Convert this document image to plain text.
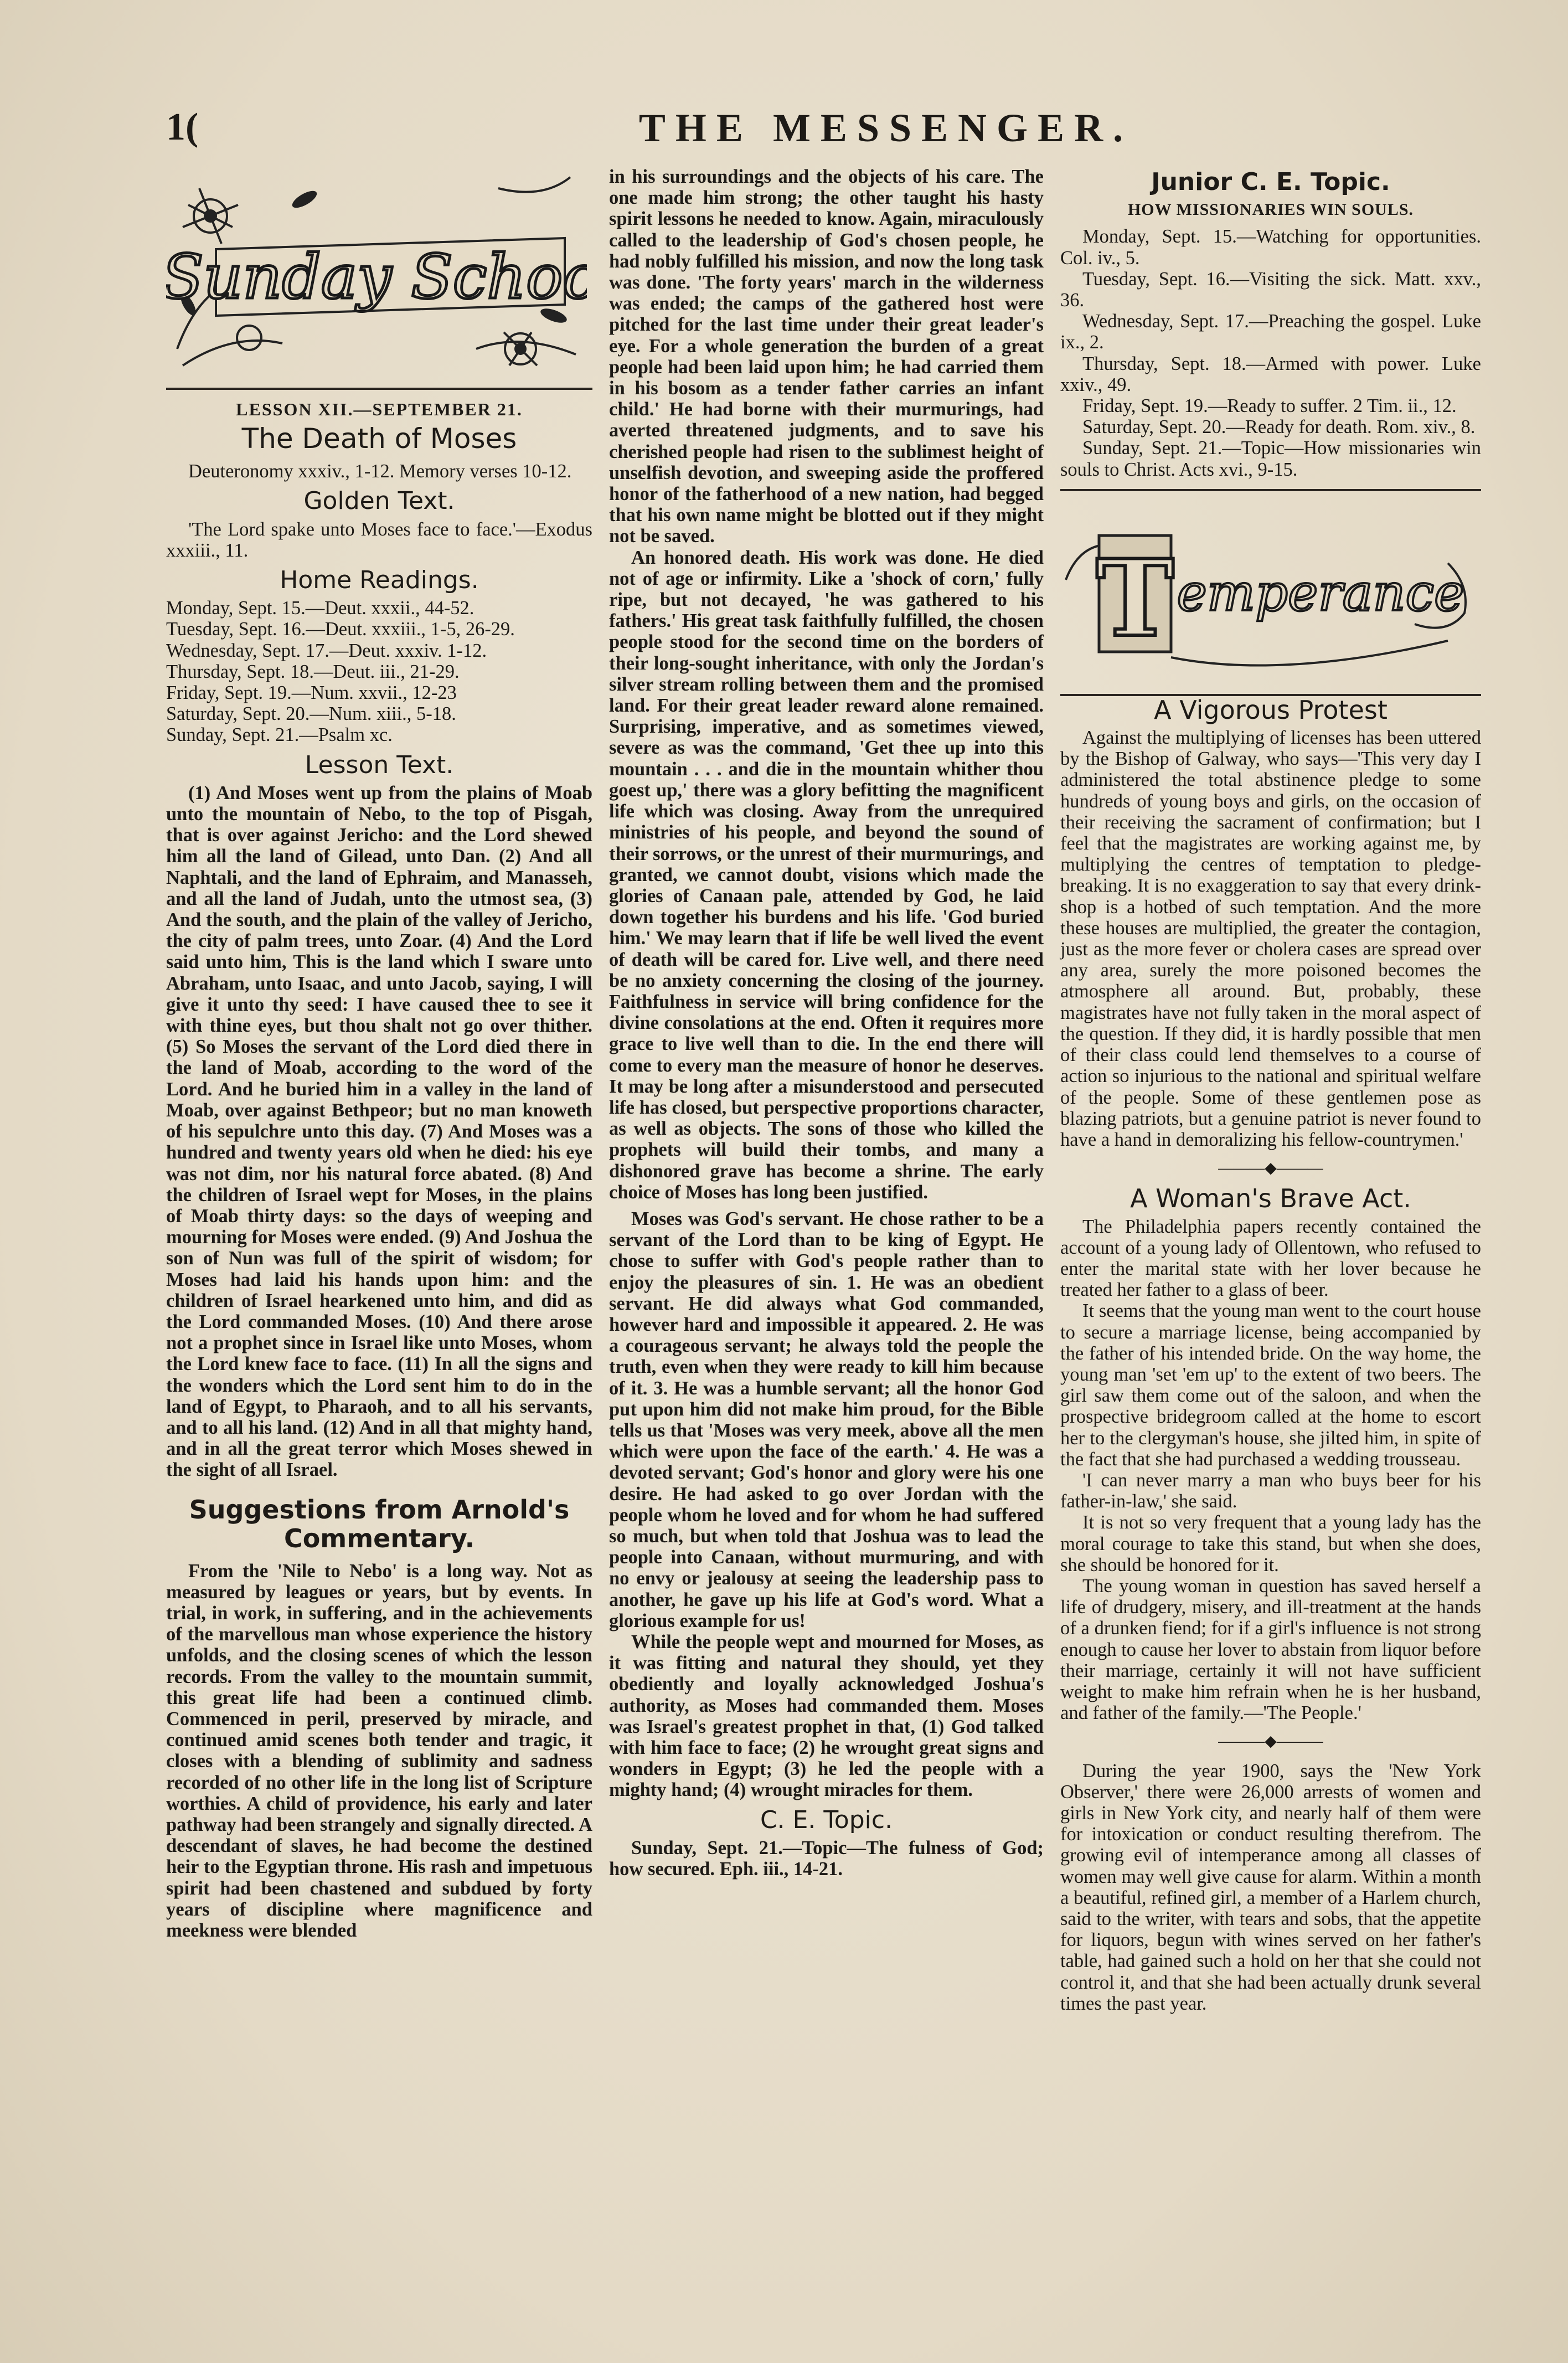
1(	THE MESSENGER.
Sunday School
LESSON XII.—SEPTEMBER 21.
The Death of Moses

Deuteronomy xxxiv., 1-12. Memory verses 10-12.

Golden Text.

'The Lord spake unto Moses face to face.'—Exodus xxxiii., 11.

Home Readings.
Monday, Sept. 15.—Deut. xxxii., 44-52.
Tuesday, Sept. 16.—Deut. xxxiii., 1-5, 26-29.
Wednesday, Sept. 17.—Deut. xxxiv. 1-12.
Thursday, Sept. 18.—Deut. iii., 21-29.
Friday, Sept. 19.—Num. xxvii., 12-23
Saturday, Sept. 20.—Num. xiii., 5-18.
Sunday, Sept. 21.—Psalm xc.
Lesson Text.

(1) And Moses went up from the plains of Moab unto the mountain of Nebo, to the top of Pisgah, that is over against Jericho: and the Lord shewed him all the land of Gilead, unto Dan. (2) And all Naphtali, and the land of Ephraim, and Manasseh, and all the land of Judah, unto the utmost sea, (3) And the south, and the plain of the valley of Jericho, the city of palm trees, unto Zoar. (4) And the Lord said unto him, This is the land which I sware unto Abraham, unto Isaac, and unto Jacob, saying, I will give it unto thy seed: I have caused thee to see it with thine eyes, but thou shalt not go over thither. (5) So Moses the servant of the Lord died there in the land of Moab, according to the word of the Lord. And he buried him in a valley in the land of Moab, over against Bethpeor; but no man knoweth of his sepulchre unto this day. (7) And Moses was a hundred and twenty years old when he died: his eye was not dim, nor his natural force abated. (8) And the children of Israel wept for Moses, in the plains of Moab thirty days: so the days of weeping and mourning for Moses were ended. (9) And Joshua the son of Nun was full of the spirit of wisdom; for Moses had laid his hands upon him: and the children of Israel hearkened unto him, and did as the Lord commanded Moses. (10) And there arose not a prophet since in Israel like unto Moses, whom the Lord knew face to face. (11) In all the signs and the wonders which the Lord sent him to do in the land of Egypt, to Pharaoh, and to all his servants, and to all his land. (12) And in all that mighty hand, and in all the great terror which Moses shewed in the sight of all Israel.

Suggestions from Arnold's Commentary.

From the 'Nile to Nebo' is a long way. Not as measured by leagues or years, but by events. In trial, in work, in suffering, and in the achievements of the marvellous man whose experience the history unfolds, and the closing scenes of which the lesson records. From the valley to the mountain summit, this great life had been a continued climb. Commenced in peril, preserved by miracle, and continued amid scenes both tender and tragic, it closes with a blending of sublimity and sadness recorded of no other life in the long list of Scripture worthies. A child of providence, his early and later pathway had been strangely and signally directed. A descendant of slaves, he had become the destined heir to the Egyptian throne. His rash and impetuous spirit had been chastened and subdued by forty years of discipline where magnificence and meekness were blended

in his surroundings and the objects of his care. The one made him strong; the other taught his hasty spirit lessons he needed to know. Again, miraculously called to the leadership of God's chosen people, he had nobly fulfilled his mission, and now the long task was done. 'The forty years' march in the wilderness was ended; the camps of the gathered host were pitched for the last time under their great leader's eye. For a whole generation the burden of a great people had been laid upon him; he had carried them in his bosom as a tender father carries an infant child.' He had borne with their murmurings, had averted threatened judgments, and to save his cherished people had risen to the sublimest height of unselfish devotion, and sweeping aside the proffered honor of the fatherhood of a new nation, had begged that his own name might be blotted out if they might not be saved.

An honored death. His work was done. He died not of age or infirmity. Like a 'shock of corn,' fully ripe, but not decayed, 'he was gathered to his fathers.' His great task faithfully fulfilled, the chosen people stood for the second time on the borders of their long-sought inheritance, with only the Jordan's silver stream rolling between them and the promised land. For their great leader reward alone remained. Surprising, imperative, and as sometimes viewed, severe as was the command, 'Get thee up into this mountain . . . and die in the mountain whither thou goest up,' there was a glory befitting the magnificent life which was closing. Away from the unrequired ministries of his people, and beyond the sound of their sorrows, or the unrest of their murmurings, and granted, we cannot doubt, visions which made the glories of Canaan pale, attended by God, he laid down together his burdens and his life. 'God buried him.' We may learn that if life be well lived the event of death will be cared for. Live well, and there need be no anxiety concerning the closing of the journey. Faithfulness in service will bring confidence for the divine consolations at the end. Often it requires more grace to live well than to die. In the end there will come to every man the measure of honor he deserves. It may be long after a misunderstood and persecuted life has closed, but perspective proportions character, as well as objects. The sons of those who killed the prophets will build their tombs, and many a dishonored grave has become a shrine. The early choice of Moses has long been justified.

Moses was God's servant. He chose rather to be a servant of the Lord than to be king of Egypt. He chose to suffer with God's people rather than to enjoy the pleasures of sin. 1. He was an obedient servant. He did always what God commanded, however hard and impossible it appeared. 2. He was a courageous servant; he always told the people the truth, even when they were ready to kill him because of it. 3. He was a humble servant; all the honor God put upon him did not make him proud, for the Bible tells us that 'Moses was very meek, above all the men which were upon the face of the earth.' 4. He was a devoted servant; God's honor and glory were his one desire. He had asked to go over Jordan with the people whom he loved and for whom he had suffered so much, but when told that Joshua was to lead the people into Canaan, without murmuring, and with no envy or jealousy at seeing the leadership pass to another, he gave up his life at God's word. What a glorious example for us!

While the people wept and mourned for Moses, as it was fitting and natural they should, yet they obediently and loyally acknowledged Joshua's authority, as Moses had commanded them. Moses was Israel's greatest prophet in that, (1) God talked with him face to face; (2) he wrought great signs and wonders in Egypt; (3) he led the people with a mighty hand; (4) wrought miracles for them.

C. E. Topic.

Sunday, Sept. 21.—Topic—The fulness of God; how secured. Eph. iii., 14-21.

Junior C. E. Topic.
HOW MISSIONARIES WIN SOULS.
Monday, Sept. 15.—Watching for opportunities. Col. iv., 5.
Tuesday, Sept. 16.—Visiting the sick. Matt. xxv., 36.
Wednesday, Sept. 17.—Preaching the gospel. Luke ix., 2.
Thursday, Sept. 18.—Armed with power. Luke xxiv., 49.
Friday, Sept. 19.—Ready to suffer. 2 Tim. ii., 12.
Saturday, Sept. 20.—Ready for death. Rom. xiv., 8.
Sunday, Sept. 21.—Topic—How missionaries win souls to Christ. Acts xvi., 9-15.
T emperance
A Vigorous Protest

Against the multiplying of licenses has been uttered by the Bishop of Galway, who says—'This very day I administered the total abstinence pledge to some hundreds of young boys and girls, on the occasion of their receiving the sacrament of confirmation; but I feel that the magistrates are working against me, by multiplying the centres of temptation to pledge-breaking. It is no exaggeration to say that every drink-shop is a hotbed of such temptation. And the more these houses are multiplied, the greater the contagion, just as the more fever or cholera cases are spread over any area, surely the more poisoned becomes the atmosphere all around. But, probably, these magistrates have not fully taken in the moral aspect of the question. If they did, it is hardly possible that men of their class could lend themselves to a course of action so injurious to the national and spiritual welfare of the people. Some of these gentlemen pose as blazing patriots, but a genuine patriot is never found to have a hand in demoralizing his fellow-countrymen.'

———◆———
A Woman's Brave Act.

The Philadelphia papers recently contained the account of a young lady of Ollentown, who refused to enter the marital state with her lover because he treated her father to a glass of beer.

It seems that the young man went to the court house to secure a marriage license, being accompanied by the father of his intended bride. On the way home, the young man 'set 'em up' to the extent of two beers. The girl saw them come out of the saloon, and when the prospective bridegroom called at the home to escort her to the clergyman's house, she jilted him, in spite of the fact that she had purchased a wedding trousseau.

'I can never marry a man who buys beer for his father-in-law,' she said.

It is not so very frequent that a young lady has the moral courage to take this stand, but when she does, she should be honored for it.

The young woman in question has saved herself a life of drudgery, misery, and ill-treatment at the hands of a drunken fiend; for if a girl's influence is not strong enough to cause her lover to abstain from liquor before their marriage, certainly it will not have sufficient weight to make him refrain when he is her husband, and father of the family.—'The People.'

———◆———

During the year 1900, says the 'New York Observer,' there were 26,000 arrests of women and girls in New York city, and nearly half of them were for intoxication or conduct resulting therefrom. The growing evil of intemperance among all classes of women may well give cause for alarm. Within a month a beautiful, refined girl, a member of a Harlem church, said to the writer, with tears and sobs, that the appetite for liquors, begun with wines served on her father's table, had gained such a hold on her that she could not control it, and that she had been actually drunk several times the past year.
